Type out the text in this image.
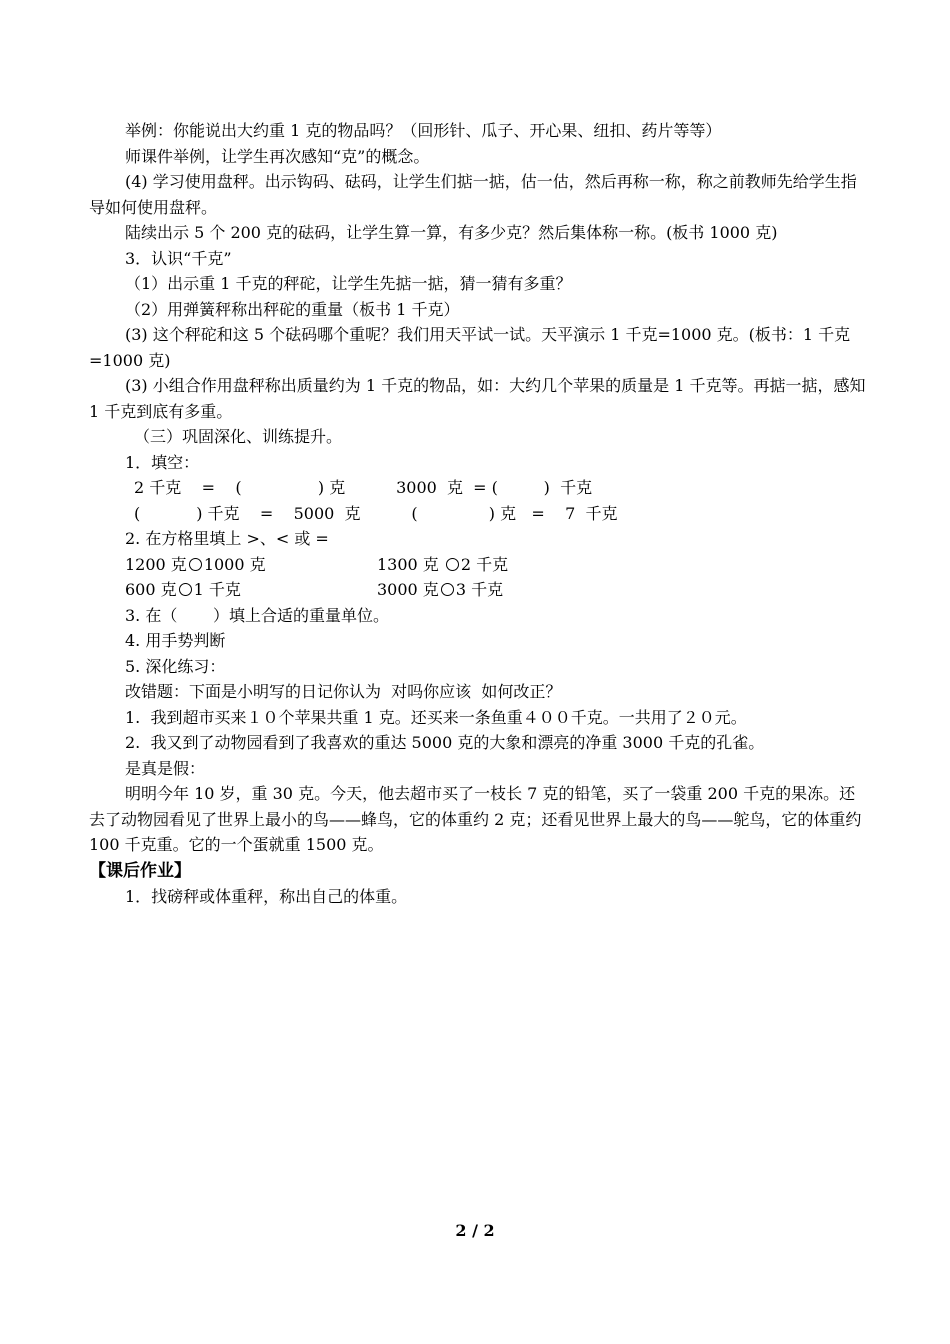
举例：你能说出大约重 1 克的物品吗？（回形针、瓜子、开心果、纽扣、药片等等）

师课件举例，让学生再次感知“克”的概念。

(4) 学习使用盘秤。出示钩码、砝码，让学生们掂一掂，估一估，然后再称一称，称之前教师先给学生指导如何使用盘秤。

陆续出示 5 个 200 克的砝码，让学生算一算，有多少克？然后集体称一称。(板书 1000 克)

3．认识“千克”

（1）出示重 1 千克的秤砣，让学生先掂一掂，猜一猜有多重？

（2）用弹簧秤称出秤砣的重量（板书 1 千克）

(3) 这个秤砣和这 5 个砝码哪个重呢？我们用天平试一试。天平演示 1 千克=1000 克。(板书：1 千克=1000 克)

(3) 小组合作用盘秤称出质量约为 1 千克的物品，如：大约几个苹果的质量是 1 千克等。再掂一掂，感知 1 千克到底有多重。

（三）巩固深化、训练提升。

1．填空：

2 千克    =    (               ) 克          3000  克  = (         )  千克

(           ) 千克    =    5000  克          (              ) 克   =    7  千克

2. 在方格里填上 >、< 或 =

1200 克 1000 克	1300 克 2 千克
600 克 1 千克	3000 克 3 千克

3. 在（       ）填上合适的重量单位。

4. 用手势判断

5. 深化练习：

改错题：下面是小明写的日记你认为  对吗你应该  如何改正？

1.  我到超市买来１０个苹果共重 1 克。还买来一条鱼重４００千克。一共用了２０元。

2.  我又到了动物园看到了我喜欢的重达 5000 克的大象和漂亮的净重 3000 千克的孔雀。

是真是假：

明明今年 10 岁，重 30 克。今天，他去超市买了一枝长 7 克的铅笔，买了一袋重 200 千克的果冻。还去了动物园看见了世界上最小的鸟——蜂鸟，它的体重约 2 克；还看见世界上最大的鸟——鸵鸟，它的体重约 100 千克重。它的一个蛋就重 1500 克。

【课后作业】

1．找磅秤或体重秤，称出自己的体重。

2 / 2
